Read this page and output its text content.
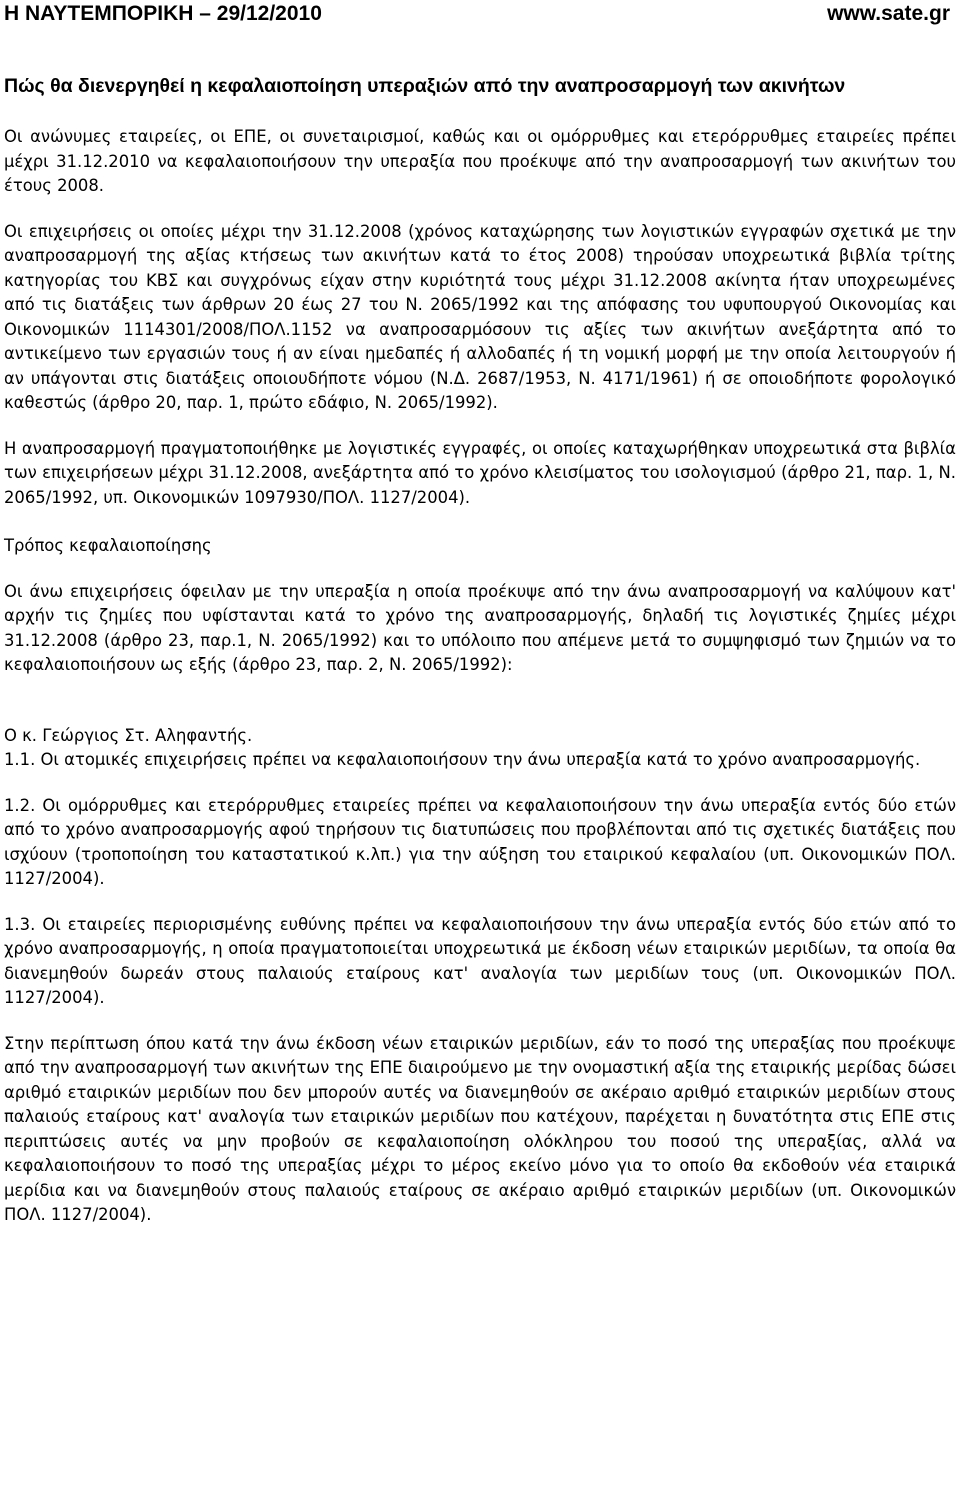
Η ΝΑΥΤΕΜΠΟΡΙΚΗ – 29/12/2010	www.sate.gr
Πώς θα διενεργηθεί η κεφαλαιοποίηση υπεραξιών από την αναπροσαρμογή των ακινήτων

Οι ανώνυμες εταιρείες, οι ΕΠΕ, οι συνεταιρισμοί, καθώς και οι ομόρρυθμες και ετερόρρυθμες εταιρείες πρέπει μέχρι 31.12.2010 να κεφαλαιοποιήσουν την υπεραξία που προέκυψε από την αναπροσαρμογή των ακινήτων του έτους 2008.

Οι επιχειρήσεις οι οποίες μέχρι την 31.12.2008 (χρόνος καταχώρησης των λογιστικών εγγραφών σχετικά με την αναπροσαρμογή της αξίας κτήσεως των ακινήτων κατά το έτος 2008) τηρούσαν υποχρεωτικά βιβλία τρίτης κατηγορίας του ΚΒΣ και συγχρόνως είχαν στην κυριότητά τους μέχρι 31.12.2008 ακίνητα ήταν υποχρεωμένες από τις διατάξεις των άρθρων 20 έως 27 του Ν. 2065/1992 και της απόφασης του υφυπουργού Οικονομίας και Οικονομικών 1114301/2008/ΠΟΛ.1152 να αναπροσαρμόσουν τις αξίες των ακινήτων ανεξάρτητα από το αντικείμενο των εργασιών τους ή αν είναι ημεδαπές ή αλλοδαπές ή τη νομική μορφή με την οποία λειτουργούν ή αν υπάγονται στις διατάξεις οποιουδήποτε νόμου (Ν.Δ. 2687/1953, Ν. 4171/1961) ή σε οποιοδήποτε φορολογικό καθεστώς (άρθρο 20, παρ. 1, πρώτο εδάφιο, Ν. 2065/1992).

Η αναπροσαρμογή πραγματοποιήθηκε με λογιστικές εγγραφές, οι οποίες καταχωρήθηκαν υποχρεωτικά στα βιβλία των επιχειρήσεων μέχρι 31.12.2008, ανεξάρτητα από το χρόνο κλεισίματος του ισολογισμού (άρθρο 21, παρ. 1, Ν. 2065/1992, υπ. Οικονομικών 1097930/ΠΟΛ. 1127/2004).

Τρόπος κεφαλαιοποίησης

Οι άνω επιχειρήσεις όφειλαν με την υπεραξία η οποία προέκυψε από την άνω αναπροσαρμογή να καλύψουν κατ' αρχήν τις ζημίες που υφίστανται κατά το χρόνο της αναπροσαρμογής, δηλαδή τις λογιστικές ζημίες μέχρι 31.12.2008 (άρθρο 23, παρ.1, Ν. 2065/1992) και το υπόλοιπο που απέμενε μετά το συμψηφισμό των ζημιών να το κεφαλαιοποιήσουν ως εξής (άρθρο 23, παρ. 2, Ν. 2065/1992):

Ο κ. Γεώργιος Στ. Αληφαντής.

1.1. Οι ατομικές επιχειρήσεις πρέπει να κεφαλαιοποιήσουν την άνω υπεραξία κατά το χρόνο αναπροσαρμογής.

1.2. Οι ομόρρυθμες και ετερόρρυθμες εταιρείες πρέπει να κεφαλαιοποιήσουν την άνω υπεραξία εντός δύο ετών από το χρόνο αναπροσαρμογής αφού τηρήσουν τις διατυπώσεις που προβλέπονται από τις σχετικές διατάξεις που ισχύουν (τροποποίηση του καταστατικού κ.λπ.) για την αύξηση του εταιρικού κεφαλαίου (υπ. Οικονομικών ΠΟΛ. 1127/2004).

1.3. Οι εταιρείες περιορισμένης ευθύνης πρέπει να κεφαλαιοποιήσουν την άνω υπεραξία εντός δύο ετών από το χρόνο αναπροσαρμογής, η οποία πραγματοποιείται υποχρεωτικά με έκδοση νέων εταιρικών μεριδίων, τα οποία θα διανεμηθούν δωρεάν στους παλαιούς εταίρους κατ' αναλογία των μεριδίων τους (υπ. Οικονομικών ΠΟΛ. 1127/2004).

Στην περίπτωση όπου κατά την άνω έκδοση νέων εταιρικών μεριδίων, εάν το ποσό της υπεραξίας που προέκυψε από την αναπροσαρμογή των ακινήτων της ΕΠΕ διαιρούμενο με την ονομαστική αξία της εταιρικής μερίδας δώσει αριθμό εταιρικών μεριδίων που δεν μπορούν αυτές να διανεμηθούν σε ακέραιο αριθμό εταιρικών μεριδίων στους παλαιούς εταίρους κατ' αναλογία των εταιρικών μεριδίων που κατέχουν, παρέχεται η δυνατότητα στις ΕΠΕ στις περιπτώσεις αυτές να μην προβούν σε κεφαλαιοποίηση ολόκληρου του ποσού της υπεραξίας, αλλά να κεφαλαιοποιήσουν το ποσό της υπεραξίας μέχρι το μέρος εκείνο μόνο για το οποίο θα εκδοθούν νέα εταιρικά μερίδια και να διανεμηθούν στους παλαιούς εταίρους σε ακέραιο αριθμό εταιρικών μεριδίων (υπ. Οικονομικών ΠΟΛ. 1127/2004).
